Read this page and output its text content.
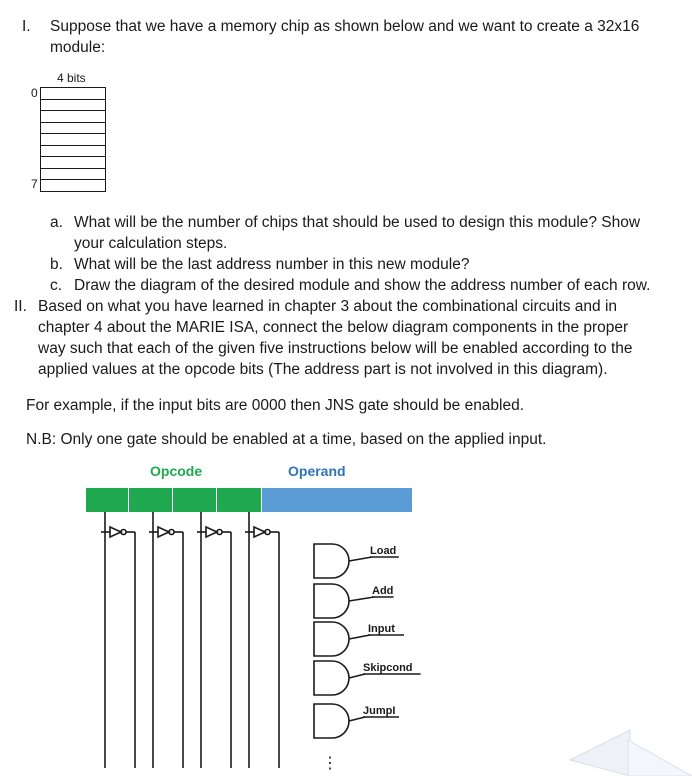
I. Suppose that we have a memory chip as shown below and we want to create a 32x16
module:
4 bits
0
7
a. What will be the number of chips that should be used to design this module? Show
your calculation steps.
b. What will be the last address number in this new module?
c. Draw the diagram of the desired module and show the address number of each row.
II. Based on what you have learned in chapter 3 about the combinational circuits and in
chapter 4 about the MARIE ISA, connect the below diagram components in the proper
way such that each of the given five instructions below will be enabled according to the
applied values at the opcode bits (The address part is not involved in this diagram).
For example, if the input bits are 0000 then JNS gate should be enabled.
N.B: Only one gate should be enabled at a time, based on the applied input.
Opcode	Operand
Load
Add
Input
Skipcond
JumpI
⋮
